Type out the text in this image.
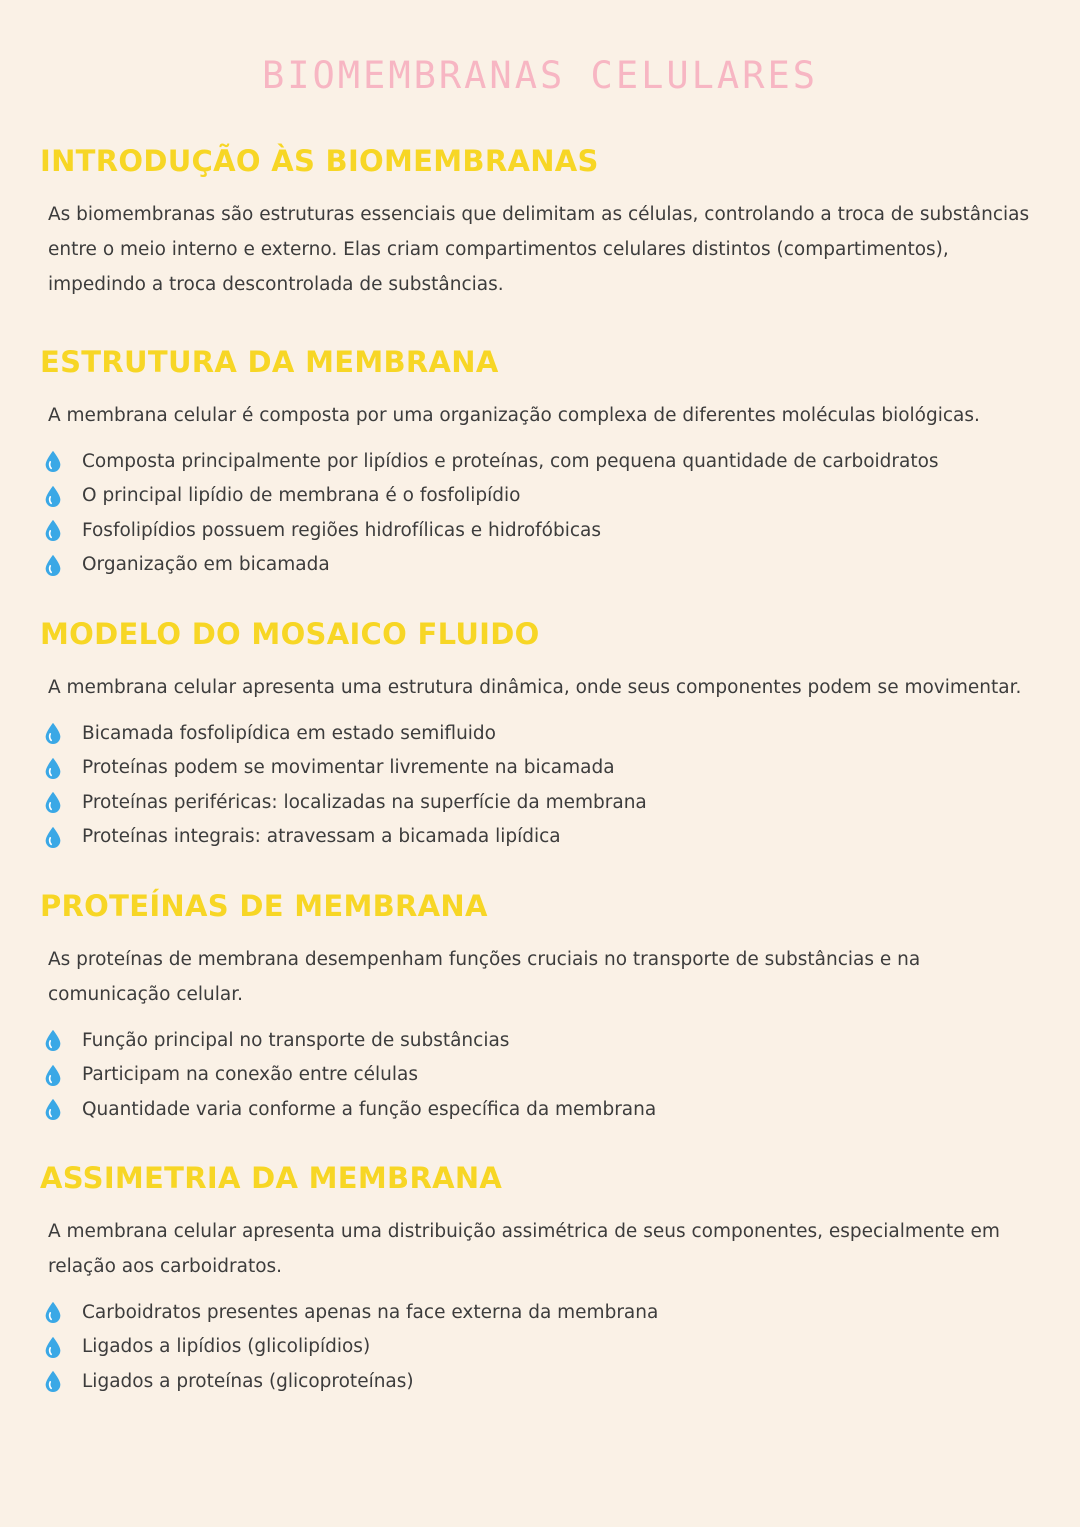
BIOMEMBRANAS CELULARES
INTRODUÇÃO ÀS BIOMEMBRANAS

As biomembranas são estruturas essenciais que delimitam as células, controlando a troca de substâncias
entre o meio interno e externo. Elas criam compartimentos celulares distintos (compartimentos),
impedindo a troca descontrolada de substâncias.

ESTRUTURA DA MEMBRANA

A membrana celular é composta por uma organização complexa de diferentes moléculas biológicas.

Composta principalmente por lipídios e proteínas, com pequena quantidade de carboidratos
O principal lipídio de membrana é o fosfolipídio
Fosfolipídios possuem regiões hidrofílicas e hidrofóbicas
Organização em bicamada
MODELO DO MOSAICO FLUIDO

A membrana celular apresenta uma estrutura dinâmica, onde seus componentes podem se movimentar.

Bicamada fosfolipídica em estado semifluido
Proteínas podem se movimentar livremente na bicamada
Proteínas periféricas: localizadas na superfície da membrana
Proteínas integrais: atravessam a bicamada lipídica
PROTEÍNAS DE MEMBRANA

As proteínas de membrana desempenham funções cruciais no transporte de substâncias e na
comunicação celular.

Função principal no transporte de substâncias
Participam na conexão entre células
Quantidade varia conforme a função específica da membrana
ASSIMETRIA DA MEMBRANA

A membrana celular apresenta uma distribuição assimétrica de seus componentes, especialmente em
relação aos carboidratos.

Carboidratos presentes apenas na face externa da membrana
Ligados a lipídios (glicolipídios)
Ligados a proteínas (glicoproteínas)
